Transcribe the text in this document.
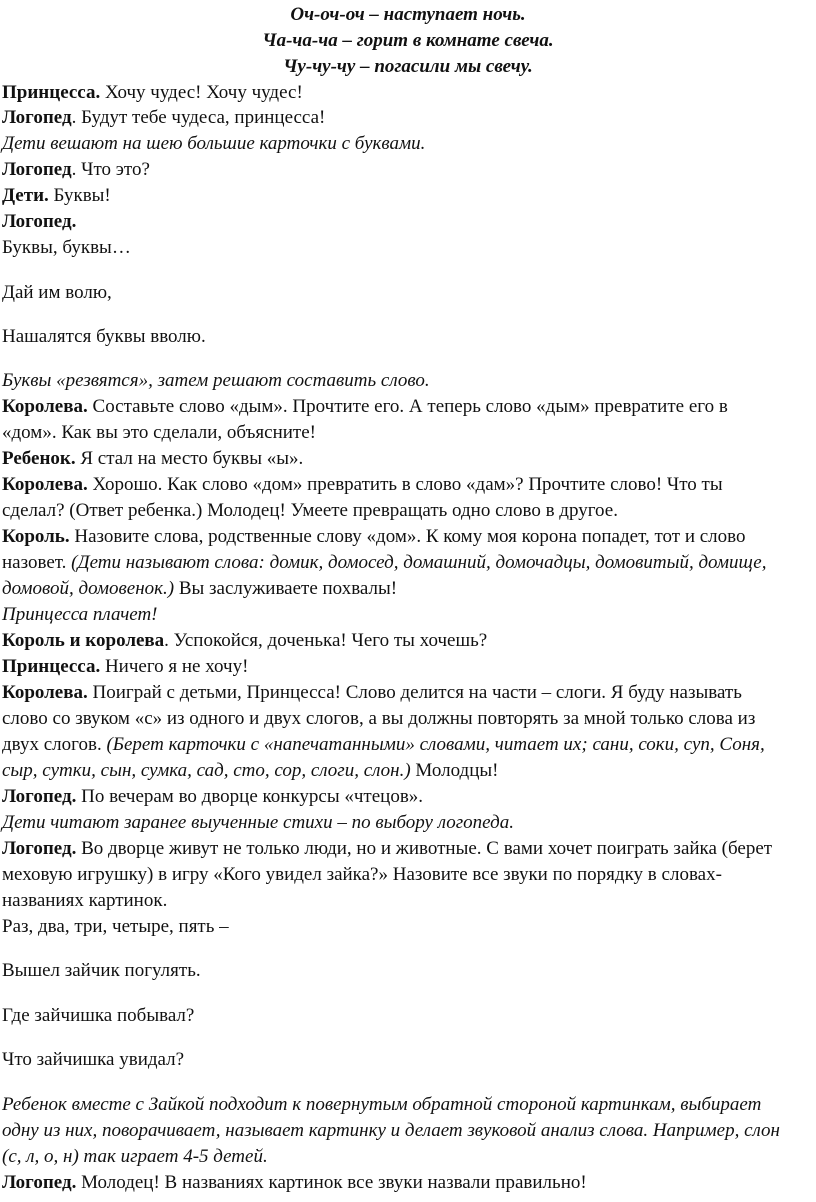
Оч-оч-оч – наступает ночь.
Ча-ча-ча – горит в комнате свеча.
Чу-чу-чу – погасили мы свечу.
Принцесса. Хочу чудес! Хочу чудес!
Логопед. Будут тебе чудеса, принцесса!
Дети вешают на шею большие карточки с буквами.
Логопед. Что это?
Дети. Буквы!
Логопед.
Буквы, буквы…
Дай им волю,
Нашалятся буквы вволю.
Буквы «резвятся», затем решают составить слово.
Королева. Составьте слово «дым». Прочтите его. А теперь слово «дым» превратите его в
«дом». Как вы это сделали, объясните!
Ребенок. Я стал на место буквы «ы».
Королева. Хорошо. Как слово «дом» превратить в слово «дам»? Прочтите слово! Что ты
сделал? (Ответ ребенка.) Молодец! Умеете превращать одно слово в другое.
Король. Назовите слова, родственные слову «дом». К кому моя корона попадет, тот и слово
назовет. (Дети называют слова: домик, домосед, домашний, домочадцы, домовитый, домище,
домовой, домовенок.) Вы заслуживаете похвалы!
Принцесса плачет!
Король и королева. Успокойся, доченька! Чего ты хочешь?
Принцесса. Ничего я не хочу!
Королева. Поиграй с детьми, Принцесса! Слово делится на части – слоги. Я буду называть
слово со звуком «с» из одного и двух слогов, а вы должны повторять за мной только слова из
двух слогов. (Берет карточки с «напечатанными» словами, читает их; сани, соки, суп, Соня,
сыр, сутки, сын, сумка, сад, сто, сор, слоги, слон.) Молодцы!
Логопед. По вечерам во дворце конкурсы «чтецов».
Дети читают заранее выученные стихи – по выбору логопеда.
Логопед. Во дворце живут не только люди, но и животные. С вами хочет поиграть зайка (берет
меховую игрушку) в игру «Кого увидел зайка?» Назовите все звуки по порядку в словах-
названиях картинок.
Раз, два, три, четыре, пять –
Вышел зайчик погулять.
Где зайчишка побывал?
Что зайчишка увидал?
Ребенок вместе с Зайкой подходит к повернутым обратной стороной картинкам, выбирает
одну из них, поворачивает, называет картинку и делает звуковой анализ слова. Например, слон
(с, л, о, н) так играет 4-5 детей.
Логопед. Молодец! В названиях картинок все звуки назвали правильно!
